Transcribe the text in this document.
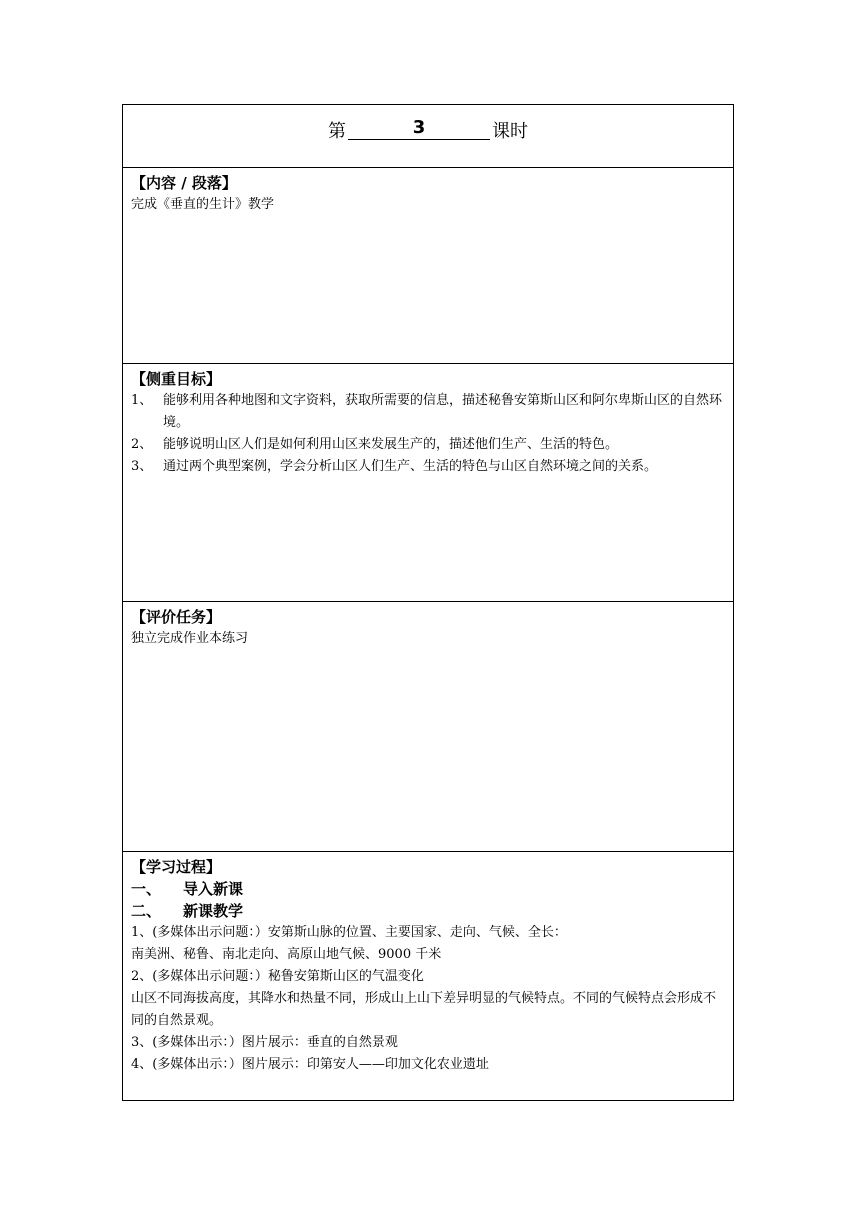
第	3	课时
【内容 / 段落】
完成《垂直的生计》教学
【侧重目标】
1、 能够利用各种地图和文字资料，获取所需要的信息，描述秘鲁安第斯山区和阿尔卑斯山区的自然环境。
2、 能够说明山区人们是如何利用山区来发展生产的，描述他们生产、生活的特色。
3、 通过两个典型案例，学会分析山区人们生产、生活的特色与山区自然环境之间的关系。
【评价任务】
独立完成作业本练习
【学习过程】
一、	导入新课
二、	新课教学
1、(多媒体出示问题：）安第斯山脉的位置、主要国家、走向、气候、全长：
南美洲、秘鲁、南北走向、高原山地气候、9000 千米
2、(多媒体出示问题：）秘鲁安第斯山区的气温变化
山区不同海拔高度，其降水和热量不同，形成山上山下差异明显的气候特点。不同的气候特点会形成不同的自然景观。
3、(多媒体出示：）图片展示：垂直的自然景观
4、(多媒体出示：）图片展示：印第安人——印加文化农业遗址
